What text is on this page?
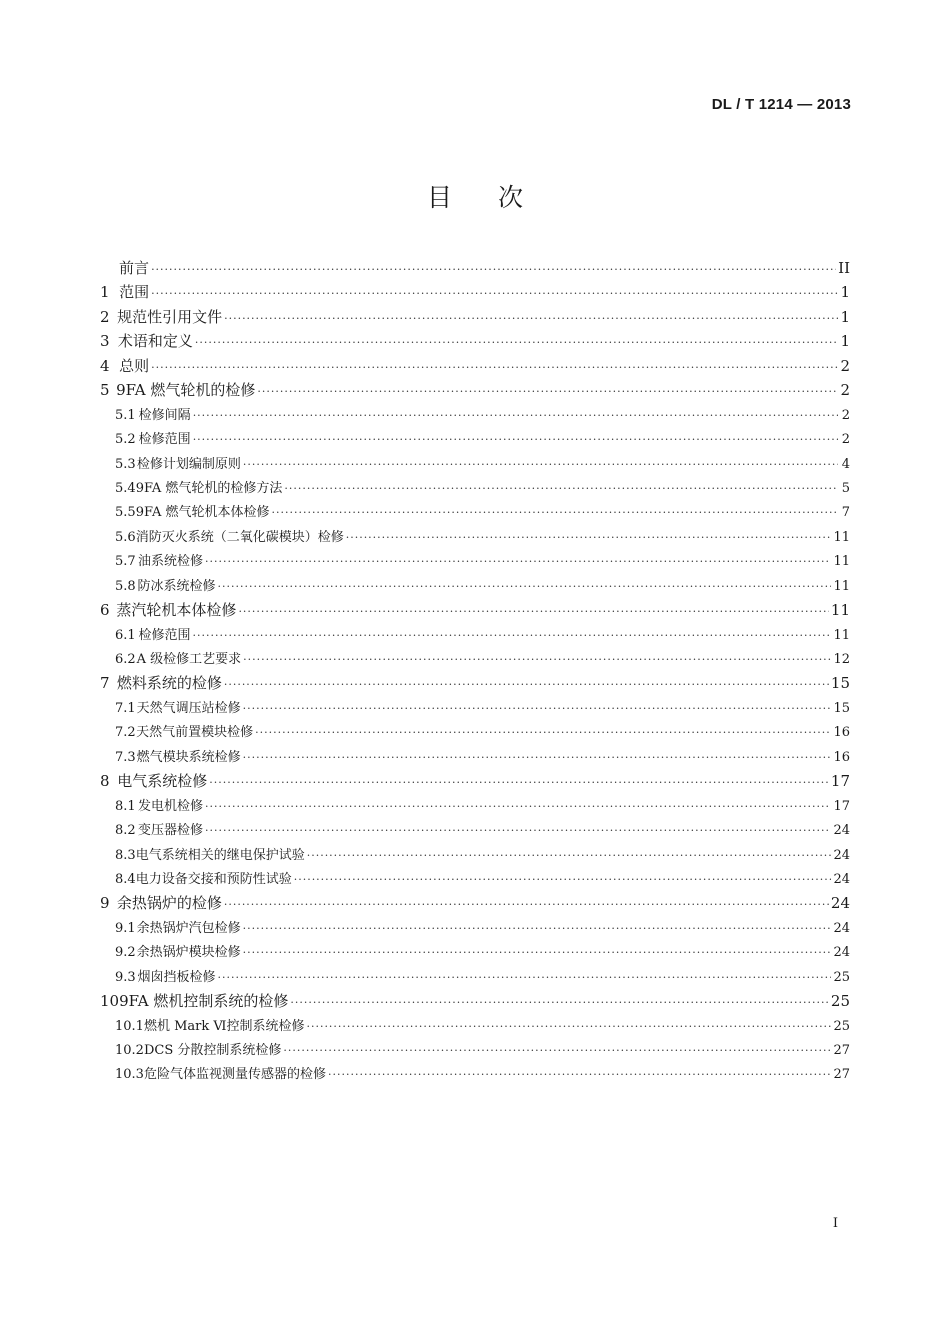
DL / T 1214 — 2013
目次
前言 ·····	II
1 范围 ·····	1
2 规范性引用文件 ·····	1
3 术语和定义 ·····	1
4 总则 ·····	2
5 9FA 燃气轮机的检修 ·····	2
5.1 检修间隔 ·····	2
5.2 检修范围 ·····	2
5.3 检修计划编制原则 ·····	4
5.4 9FA 燃气轮机的检修方法 ·····	5
5.5 9FA 燃气轮机本体检修 ·····	7
5.6 消防灭火系统（二氧化碳模块）检修 ·····	11
5.7 油系统检修 ·····	11
5.8 防冰系统检修 ·····	11
6 蒸汽轮机本体检修 ·····	11
6.1 检修范围 ·····	11
6.2 A 级检修工艺要求 ·····	12
7 燃料系统的检修 ·····	15
7.1 天然气调压站检修 ·····	15
7.2 天然气前置模块检修 ·····	16
7.3 燃气模块系统检修 ·····	16
8 电气系统检修 ·····	17
8.1 发电机检修 ·····	17
8.2 变压器检修 ·····	24
8.3 电气系统相关的继电保护试验 ·····	24
8.4 电力设备交接和预防性试验 ·····	24
9 余热锅炉的检修 ·····	24
9.1 余热锅炉汽包检修 ·····	24
9.2 余热锅炉模块检修 ·····	24
9.3 烟囱挡板检修 ·····	25
10 9FA 燃机控制系统的检修 ·····	25
10.1 燃机 Mark Ⅵ控制系统检修 ·····	25
10.2 DCS 分散控制系统检修 ·····	27
10.3 危险气体监视测量传感器的检修 ·····	27
I
